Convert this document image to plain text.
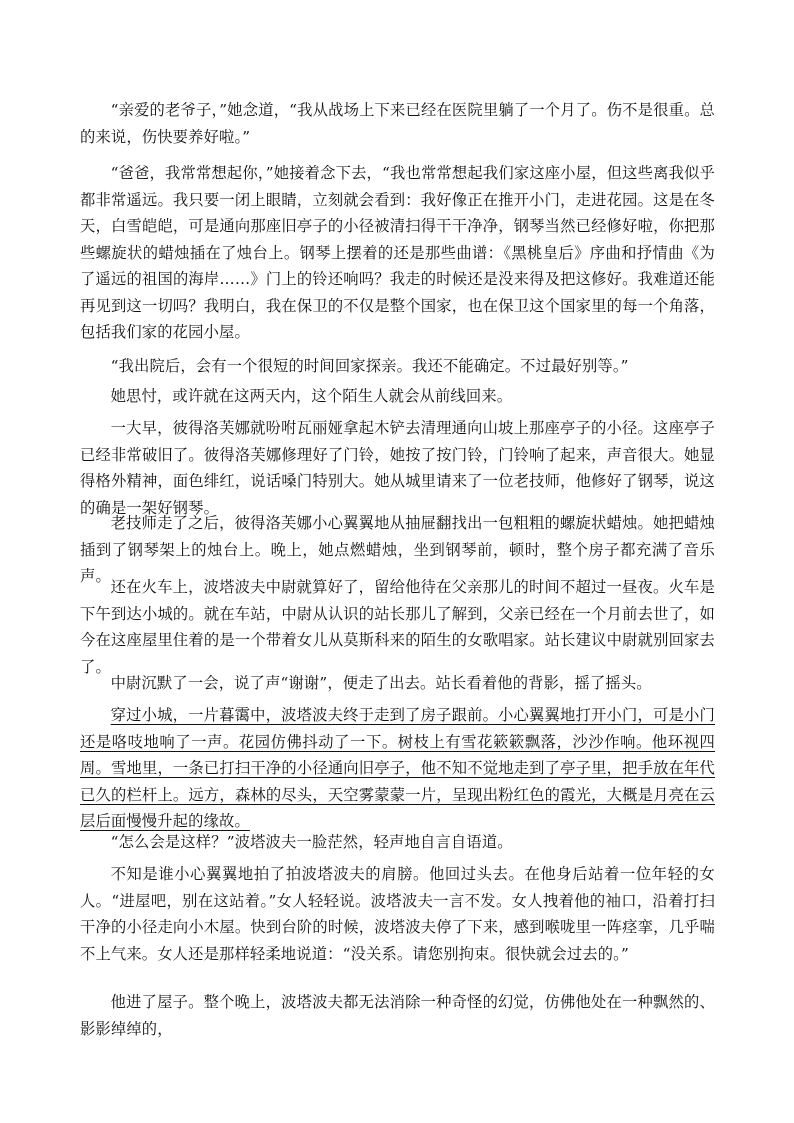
“亲爱的老爷子，”她念道，“我从战场上下来已经在医院里躺了一个月了。伤不是很重。总的来说，伤快要养好啦。”

“爸爸，我常常想起你，”她接着念下去，“我也常常想起我们家这座小屋，但这些离我似乎都非常遥远。我只要一闭上眼睛，立刻就会看到：我好像正在推开小门，走进花园。这是在冬天，白雪皑皑，可是通向那座旧亭子的小径被清扫得干干净净，钢琴当然已经修好啦，你把那些螺旋状的蜡烛插在了烛台上。钢琴上摆着的还是那些曲谱：《黑桃皇后》序曲和抒情曲《为了遥远的祖国的海岸……》门上的铃还响吗？我走的时候还是没来得及把这修好。我难道还能再见到这一切吗？我明白，我在保卫的不仅是整个国家，也在保卫这个国家里的每一个角落，包括我们家的花园小屋。

“我出院后，会有一个很短的时间回家探亲。我还不能确定。不过最好别等。”

她思忖，或许就在这两天内，这个陌生人就会从前线回来。

一大早，彼得洛芙娜就吩咐瓦丽娅拿起木铲去清理通向山坡上那座亭子的小径。这座亭子已经非常破旧了。彼得洛芙娜修理好了门铃，她按了按门铃，门铃响了起来，声音很大。她显得格外精神，面色绯红，说话嗓门特别大。她从城里请来了一位老技师，他修好了钢琴，说这的确是一架好钢琴。

老技师走了之后，彼得洛芙娜小心翼翼地从抽屉翻找出一包粗粗的螺旋状蜡烛。她把蜡烛插到了钢琴架上的烛台上。晚上，她点燃蜡烛，坐到钢琴前，顿时，整个房子都充满了音乐声。

还在火车上，波塔波夫中尉就算好了，留给他待在父亲那儿的时间不超过一昼夜。火车是下午到达小城的。就在车站，中尉从认识的站长那儿了解到，父亲已经在一个月前去世了，如今在这座屋里住着的是一个带着女儿从莫斯科来的陌生的女歌唱家。站长建议中尉就别回家去了。

中尉沉默了一会，说了声“谢谢”，便走了出去。站长看着他的背影，摇了摇头。

穿过小城，一片暮霭中，波塔波夫终于走到了房子跟前。小心翼翼地打开小门，可是小门还是咯吱地响了一声。花园仿佛抖动了一下。树枝上有雪花簌簌飘落，沙沙作响。他环视四周。雪地里，一条已打扫干净的小径通向旧亭子，他不知不觉地走到了亭子里，把手放在年代已久的栏杆上。远方，森林的尽头，天空雾蒙蒙一片，呈现出粉红色的霞光，大概是月亮在云层后面慢慢升起的缘故。

“怎么会是这样？”波塔波夫一脸茫然，轻声地自言自语道。

不知是谁小心翼翼地拍了拍波塔波夫的肩膀。他回过头去。在他身后站着一位年轻的女人。“进屋吧，别在这站着。”女人轻轻说。波塔波夫一言不发。女人拽着他的袖口，沿着打扫干净的小径走向小木屋。快到台阶的时候，波塔波夫停了下来，感到喉咙里一阵痉挛，几乎喘不上气来。女人还是那样轻柔地说道：“没关系。请您别拘束。很快就会过去的。”

他进了屋子。整个晚上，波塔波夫都无法消除一种奇怪的幻觉，仿佛他处在一种飘然的、影影绰绰的，
